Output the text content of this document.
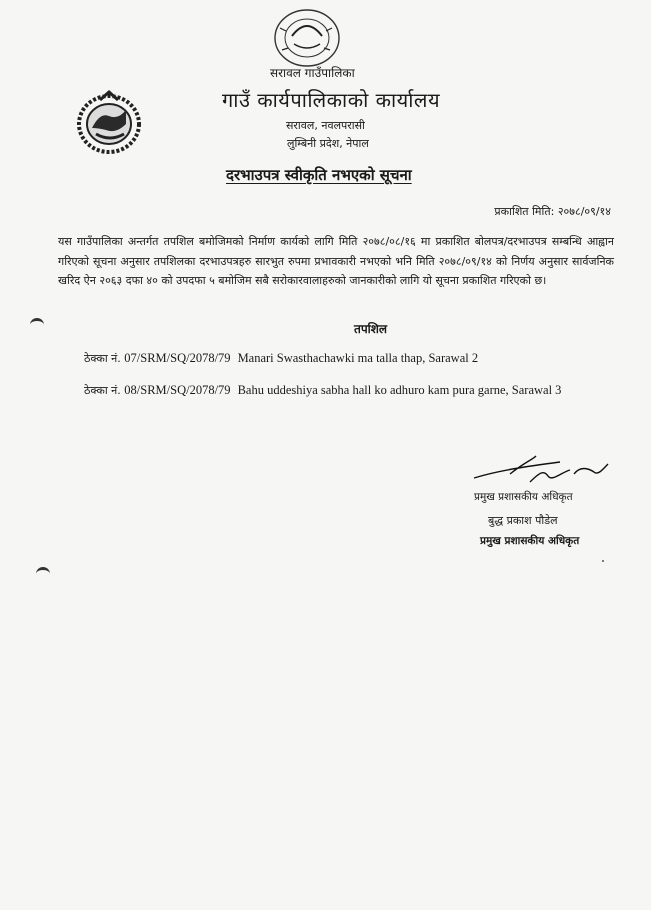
सरावल गाउँपालिका
गाउँ कार्यपालिकाको कार्यालय
सरावल, नवलपरासी
लुम्बिनी प्रदेश, नेपाल
दरभाउपत्र स्वीकृति नभएको सूचना
प्रकाशित मिति: २०७८/०९/१४
यस गाउँपालिका अन्तर्गत तपशिल बमोजिमको निर्माण कार्यको लागि मिति २०७८/०८/१६ मा प्रकाशित बोलपत्र/दरभाउपत्र सम्बन्धि आह्वान गरिएको सूचना अनुसार तपशिलका दरभाउपत्रहरु सारभुत रुपमा प्रभावकारी नभएको भनि मिति २०७८/०९/१४ को निर्णय अनुसार सार्वजनिक खरिद ऐन २०६३ दफा ४० को उपदफा ५ बमोजिम सबै सरोकारवालाहरुको जानकारीको लागि यो सूचना प्रकाशित गरिएको छ।
तपशिल
ठेक्का नं. 07/SRM/SQ/2078/79 Manari Swasthachawki ma talla thap, Sarawal 2
ठेक्का नं. 08/SRM/SQ/2078/79 Bahu uddeshiya sabha hall ko adhuro kam pura garne, Sarawal 3
प्रमुख प्रशासकीय अधिकृत
बुद्ध प्रकाश पौडेल
प्रमुख प्रशासकीय अधिकृत
